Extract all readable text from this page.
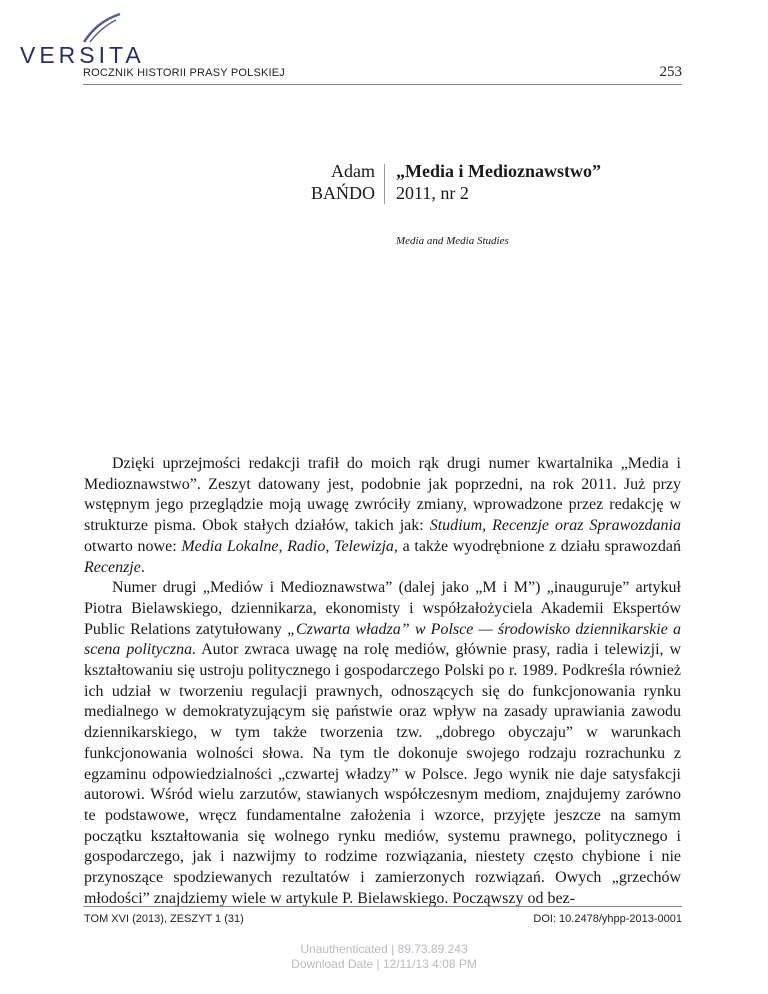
VERSITA
ROCZNIK HISTORII PRASY POLSKIEJ	253
Adam
BAŃDO
„Media i Medioznawstwo”
2011, nr 2
Media and Media Studies

Dzięki uprzejmości redakcji trafił do moich rąk drugi numer kwartalnika „Media i Medioznawstwo”. Zeszyt datowany jest, podobnie jak poprzedni, na rok 2011. Już przy wstępnym jego przeglądzie moją uwagę zwróciły zmiany, wprowadzone przez redakcję w strukturze pisma. Obok stałych działów, takich jak: Studium, Recenzje oraz Sprawozdania otwarto nowe: Media Lokalne, Radio, Telewizja, a także wyodrębnione z działu sprawozdań Recenzje.

Numer drugi „Mediów i Medioznawstwa” (dalej jako „M i M”) „inauguruje” artykuł Piotra Bielawskiego, dziennikarza, ekonomisty i współzałożyciela Akademii Ekspertów Public Relations zatytułowany „Czwarta władza” w Polsce — środowisko dziennikarskie a scena polityczna. Autor zwraca uwagę na rolę mediów, głównie prasy, radia i telewizji, w kształtowaniu się ustroju politycznego i gospodarczego Polski po r. 1989. Podkreśla również ich udział w tworzeniu regulacji prawnych, odnoszących się do funkcjonowania rynku medialnego w demokratyzującym się państwie oraz wpływ na zasady uprawiania zawodu dziennikarskiego, w tym także tworzenia tzw. „dobrego obyczaju” w warunkach funkcjonowania wolności słowa. Na tym tle dokonuje swojego rodzaju rozrachunku z egzaminu odpowiedzialności „czwartej władzy” w Polsce. Jego wynik nie daje satysfakcji autorowi. Wśród wielu zarzutów, stawianych współczesnym mediom, znajdujemy zarówno te podstawowe, wręcz fundamentalne założenia i wzorce, przyjęte jeszcze na samym początku kształtowania się wolnego rynku mediów, systemu prawnego, politycznego i gospodarczego, jak i nazwijmy to rodzime rozwiązania, niestety często chybione i nie przynoszące spodziewanych rezultatów i zamierzonych rozwiązań. Owych „grzechów młodości” znajdziemy wiele w artykule P. Bielawskiego. Począwszy od bez-

TOM XVI (2013), ZESZYT 1 (31)	DOI: 10.2478/yhpp-2013-0001
Unauthenticated | 89.73.89.243
Download Date | 12/11/13 4:08 PM
